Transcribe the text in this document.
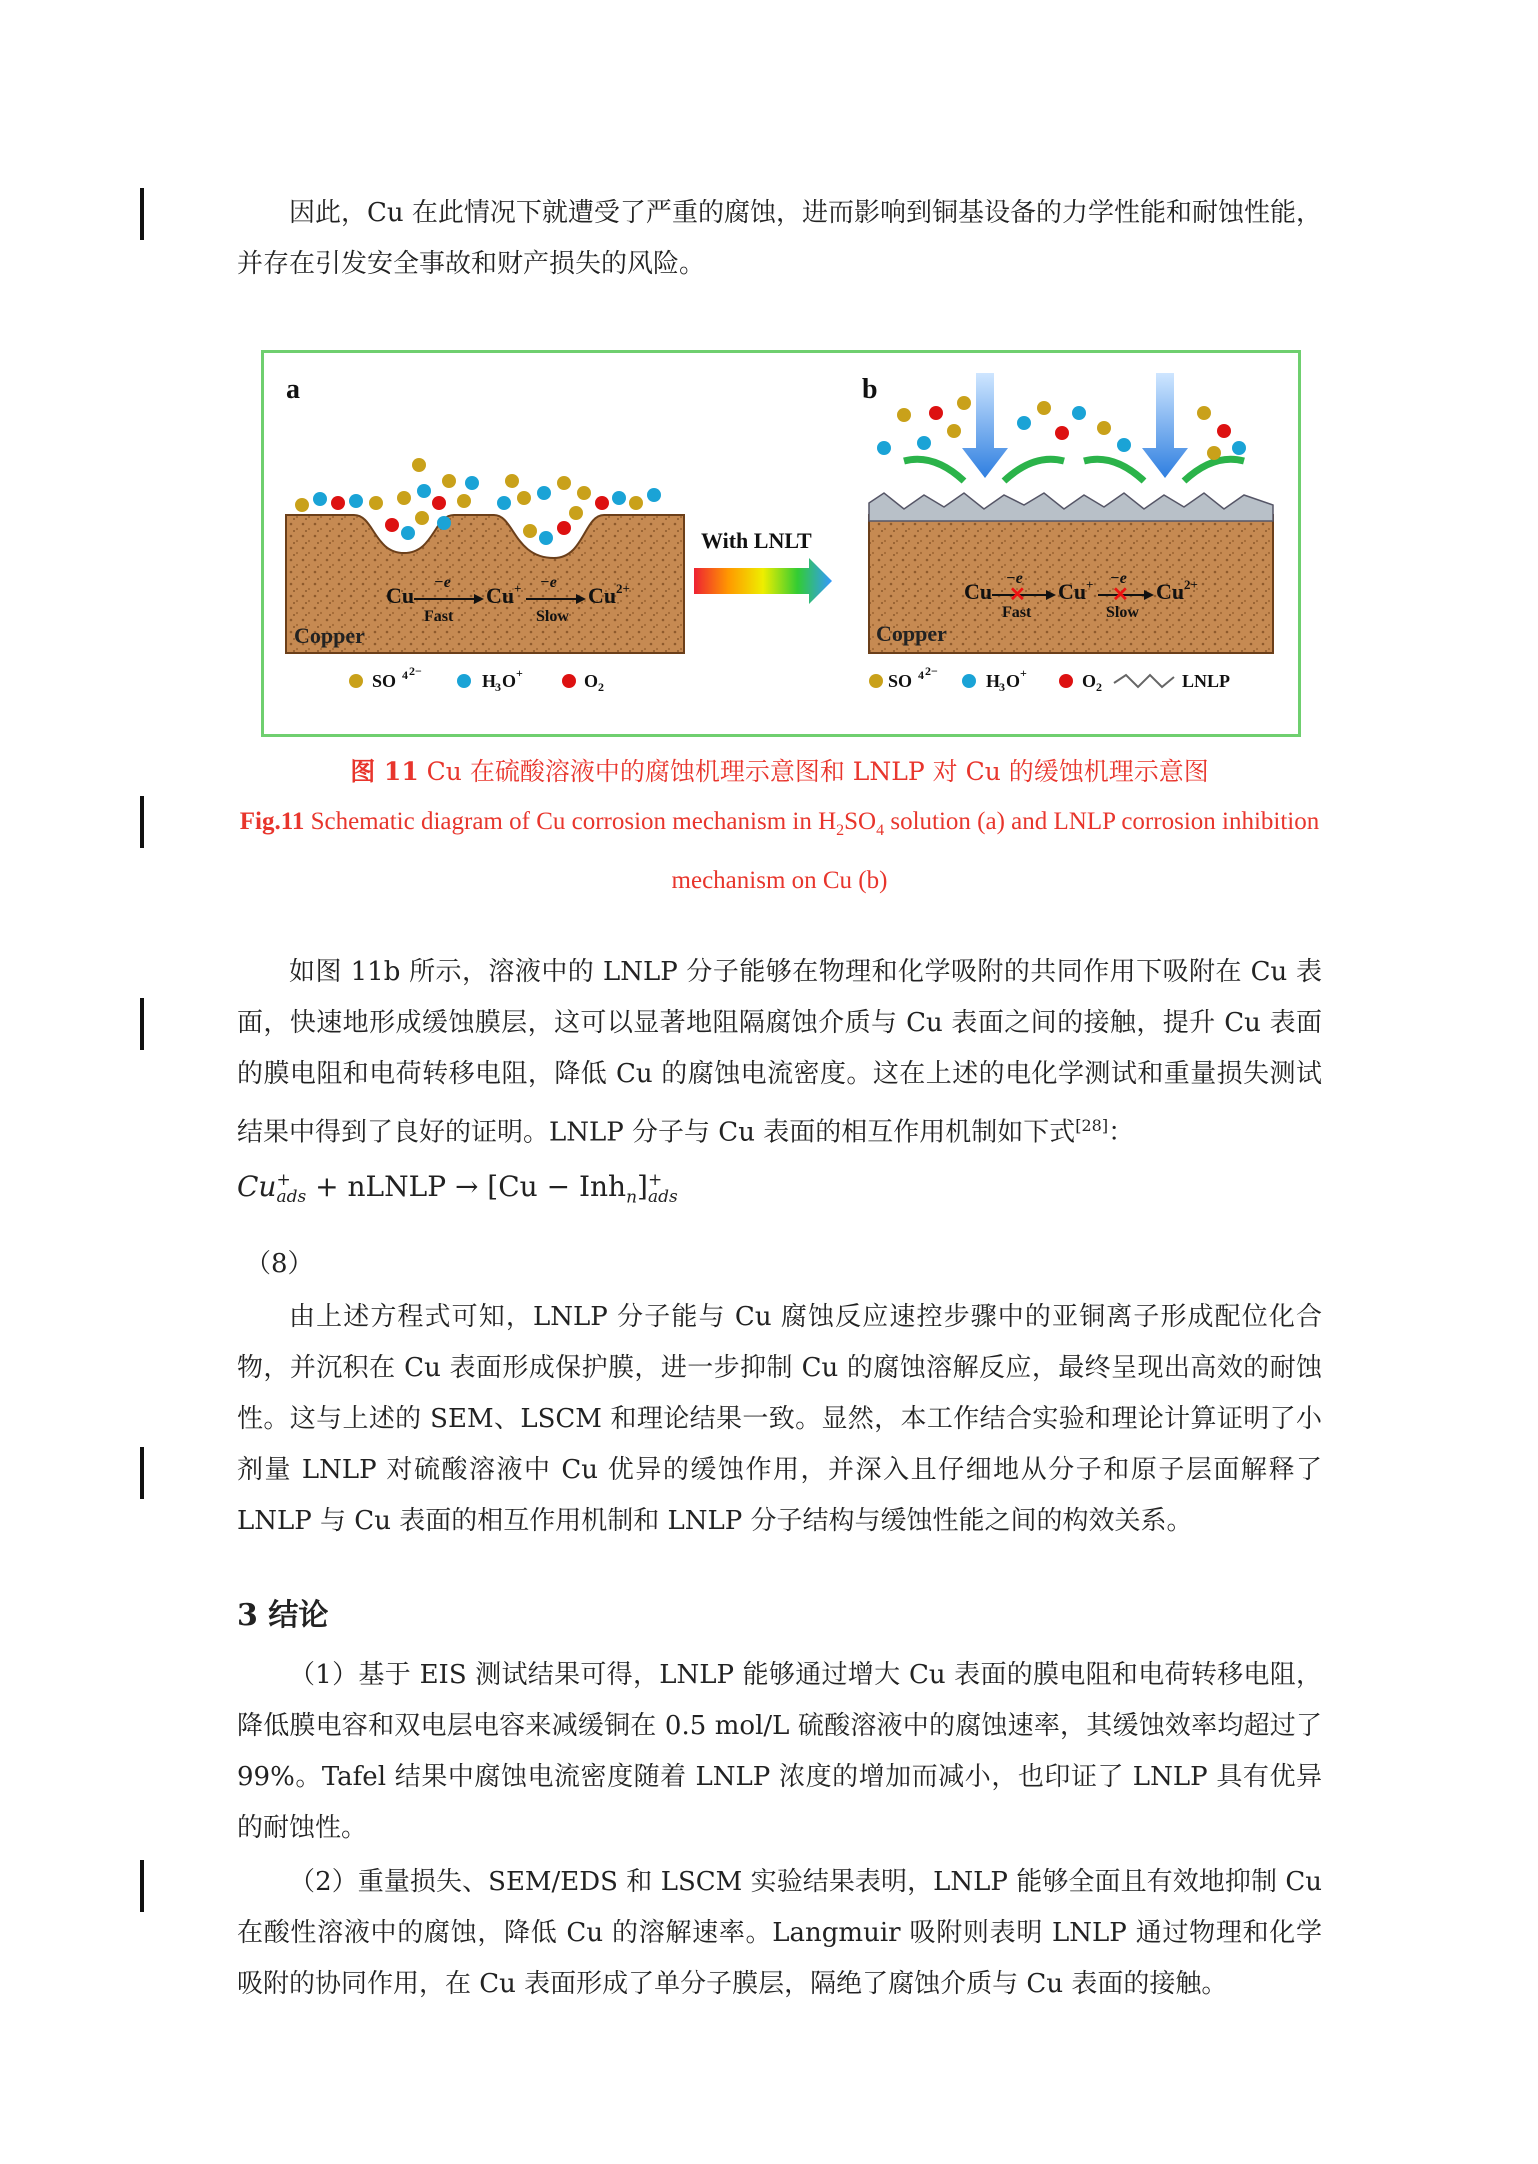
因此，Cu 在此情况下就遭受了严重的腐蚀，进而影响到铜基设备的力学性能和耐蚀性能，并存在引发安全事故和财产损失的风险。

a	b
Copper
Cu
−e
Fast
Cu + −e
Slow
Cu 2+
SO 4 2−	H
3 O +	O 2
With LNLT
Copper
Cu
−e
Fast
✕ Cu + −e
Slow
✕ Cu 2+
SO 4 2−	H
3 O +	O 2	LNLP

图 11 Cu 在硫酸溶液中的腐蚀机理示意图和 LNLP 对 Cu 的缓蚀机理示意图

Fig.11 Schematic diagram of Cu corrosion mechanism in $H_2SO_4$ solution (a) and LNLP corrosion inhibition mechanism on Cu (b)

如图 11b 所示，溶液中的 LNLP 分子能够在物理和化学吸附的共同作用下吸附在 Cu 表面，快速地形成缓蚀膜层，这可以显著地阻隔腐蚀介质与 Cu 表面之间的接触，提升 Cu 表面的膜电阻和电荷转移电阻，降低 Cu 的腐蚀电流密度。这在上述的电化学测试和重量损失测试结果中得到了良好的证明。LNLP 分子与 Cu 表面的相互作用机制如下式[28]：

Cu +
ads + nLNLP → [Cu − Inh$_n$] +
ads
（8）

由上述方程式可知，LNLP 分子能与 Cu 腐蚀反应速控步骤中的亚铜离子形成配位化合物，并沉积在 Cu 表面形成保护膜，进一步抑制 Cu 的腐蚀溶解反应，最终呈现出高效的耐蚀性。这与上述的 SEM、LSCM 和理论结果一致。显然，本工作结合实验和理论计算证明了小剂量 LNLP 对硫酸溶液中 Cu 优异的缓蚀作用，并深入且仔细地从分子和原子层面解释了 LNLP 与 Cu 表面的相互作用机制和 LNLP 分子结构与缓蚀性能之间的构效关系。

3 结论

（1）基于 EIS 测试结果可得，LNLP 能够通过增大 Cu 表面的膜电阻和电荷转移电阻，降低膜电容和双电层电容来减缓铜在 0.5 mol/L 硫酸溶液中的腐蚀速率，其缓蚀效率均超过了 99%。Tafel 结果中腐蚀电流密度随着 LNLP 浓度的增加而减小，也印证了 LNLP 具有优异的耐蚀性。

（2）重量损失、SEM/EDS 和 LSCM 实验结果表明，LNLP 能够全面且有效地抑制 Cu 在酸性溶液中的腐蚀，降低 Cu 的溶解速率。Langmuir 吸附则表明 LNLP 通过物理和化学吸附的协同作用，在 Cu 表面形成了单分子膜层，隔绝了腐蚀介质与 Cu 表面的接触。
